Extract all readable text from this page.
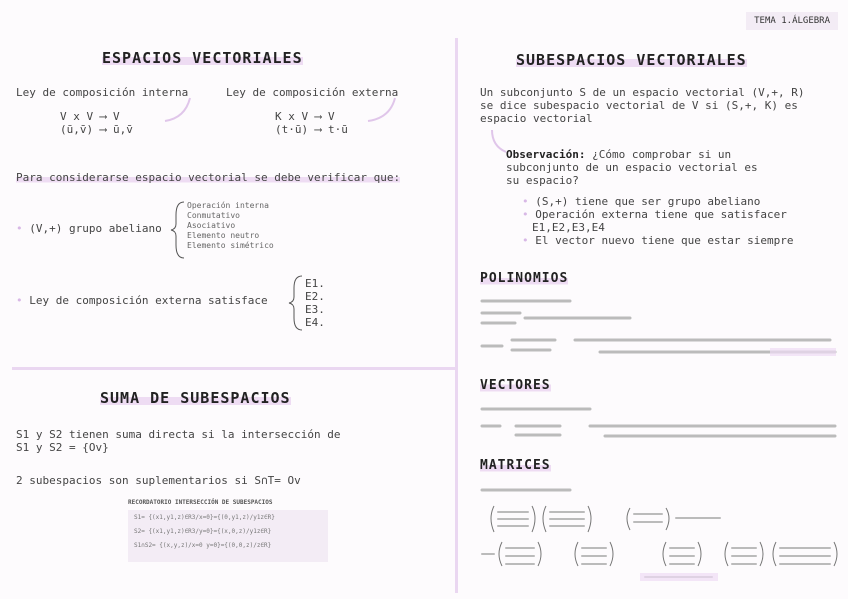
TEMA 1.ÁLGEBRA
ESPACIOS VECTORIALES
Ley de composición interna
V x V ⟶ V
(ū,v̄) ⟶ ū,v̄
Ley de composición externa
K x V ⟶ V
(t·ū) ⟶ t·ū
Para considerarse espacio vectorial se debe verificar que:
• (V,+) grupo abeliano
Operación interna
Conmutativo
Asociativo
Elemento neutro
Elemento simétrico
• Ley de composición externa satisface
E1.
E2.
E3.
E4.
SUMA DE SUBESPACIOS
S1 y S2 tienen suma directa si la intersección de
S1 y S2 = {Ov}
2 subespacios son suplementarios si S∩T= Ov
RECORDATORIO INTERSECCIÓN DE SUBESPACIOS
S1= {(x1,y1,z)∈R3/x=0}={(0,y1,z)/y1z∈R}
S2= {(x1,y1,z)∈R3/y=0}={(x,0,z)/y1z∈R}
S1∩S2= {(x,y,z)/x=0 y=0}={(0,0,z)/z∈R}
SUBESPACIOS VECTORIALES
Un subconjunto S de un espacio vectorial (V,+, R)
se dice subespacio vectorial de V si (S,+, K) es
espacio vectorial
Observación: ¿Cómo comprobar si un
subconjunto de un espacio vectorial es
su espacio?
• (S,+) tiene que ser grupo abeliano
• Operación externa tiene que satisfacer
E1,E2,E3,E4
• El vector nuevo tiene que estar siempre
POLINOMIOS
VECTORES
MATRICES
